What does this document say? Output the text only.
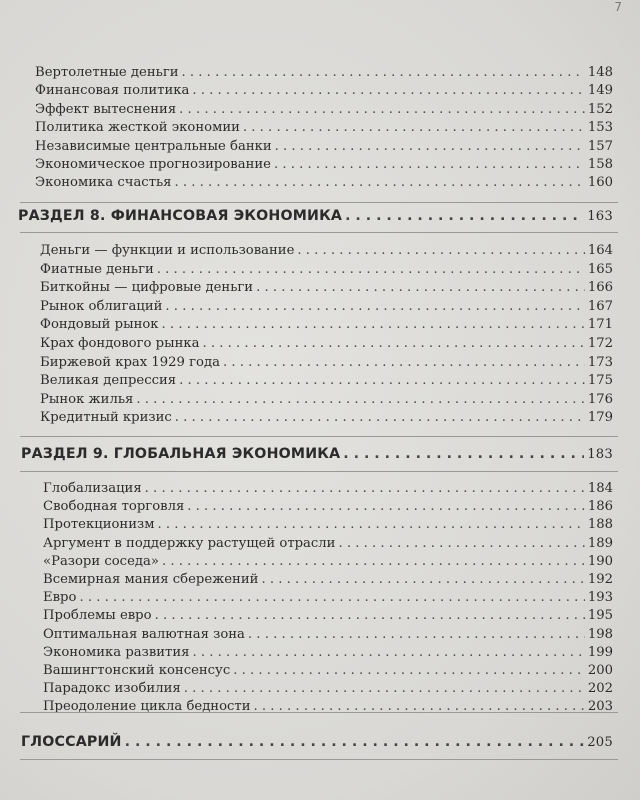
7
Вертолетные деньги . . .	148
Финансовая политика . . .	149
Эффект вытеснения . . .	152
Политика жесткой экономии . . .	153
Независимые центральные банки . . .	157
Экономическое прогнозирование . . .	158
Экономика счастья . . .	160
РАЗДЕЛ 8. ФИНАНСОВАЯ ЭКОНОМИКА . . .	163
Деньги — функции и использование . . .	164
Фиатные деньги . . .	165
Биткойны — цифровые деньги . . .	166
Рынок облигаций . . .	167
Фондовый рынок . . .	171
Крах фондового рынка . . .	172
Биржевой крах 1929 года . . .	173
Великая депрессия . . .	175
Рынок жилья . . .	176
Кредитный кризис . . .	179
РАЗДЕЛ 9. ГЛОБАЛЬНАЯ ЭКОНОМИКА . . .	183
Глобализация . . .	184
Свободная торговля . . .	186
Протекционизм . . .	188
Аргумент в поддержку растущей отрасли . . .	189
«Разори соседа» . . .	190
Всемирная мания сбережений . . .	192
Евро . . .	193
Проблемы евро . . .	195
Оптимальная валютная зона . . .	198
Экономика развития . . .	199
Вашингтонский консенсус . . .	200
Парадокс изобилия . . .	202
Преодоление цикла бедности . . .	203
ГЛОССАРИЙ . . .	205
